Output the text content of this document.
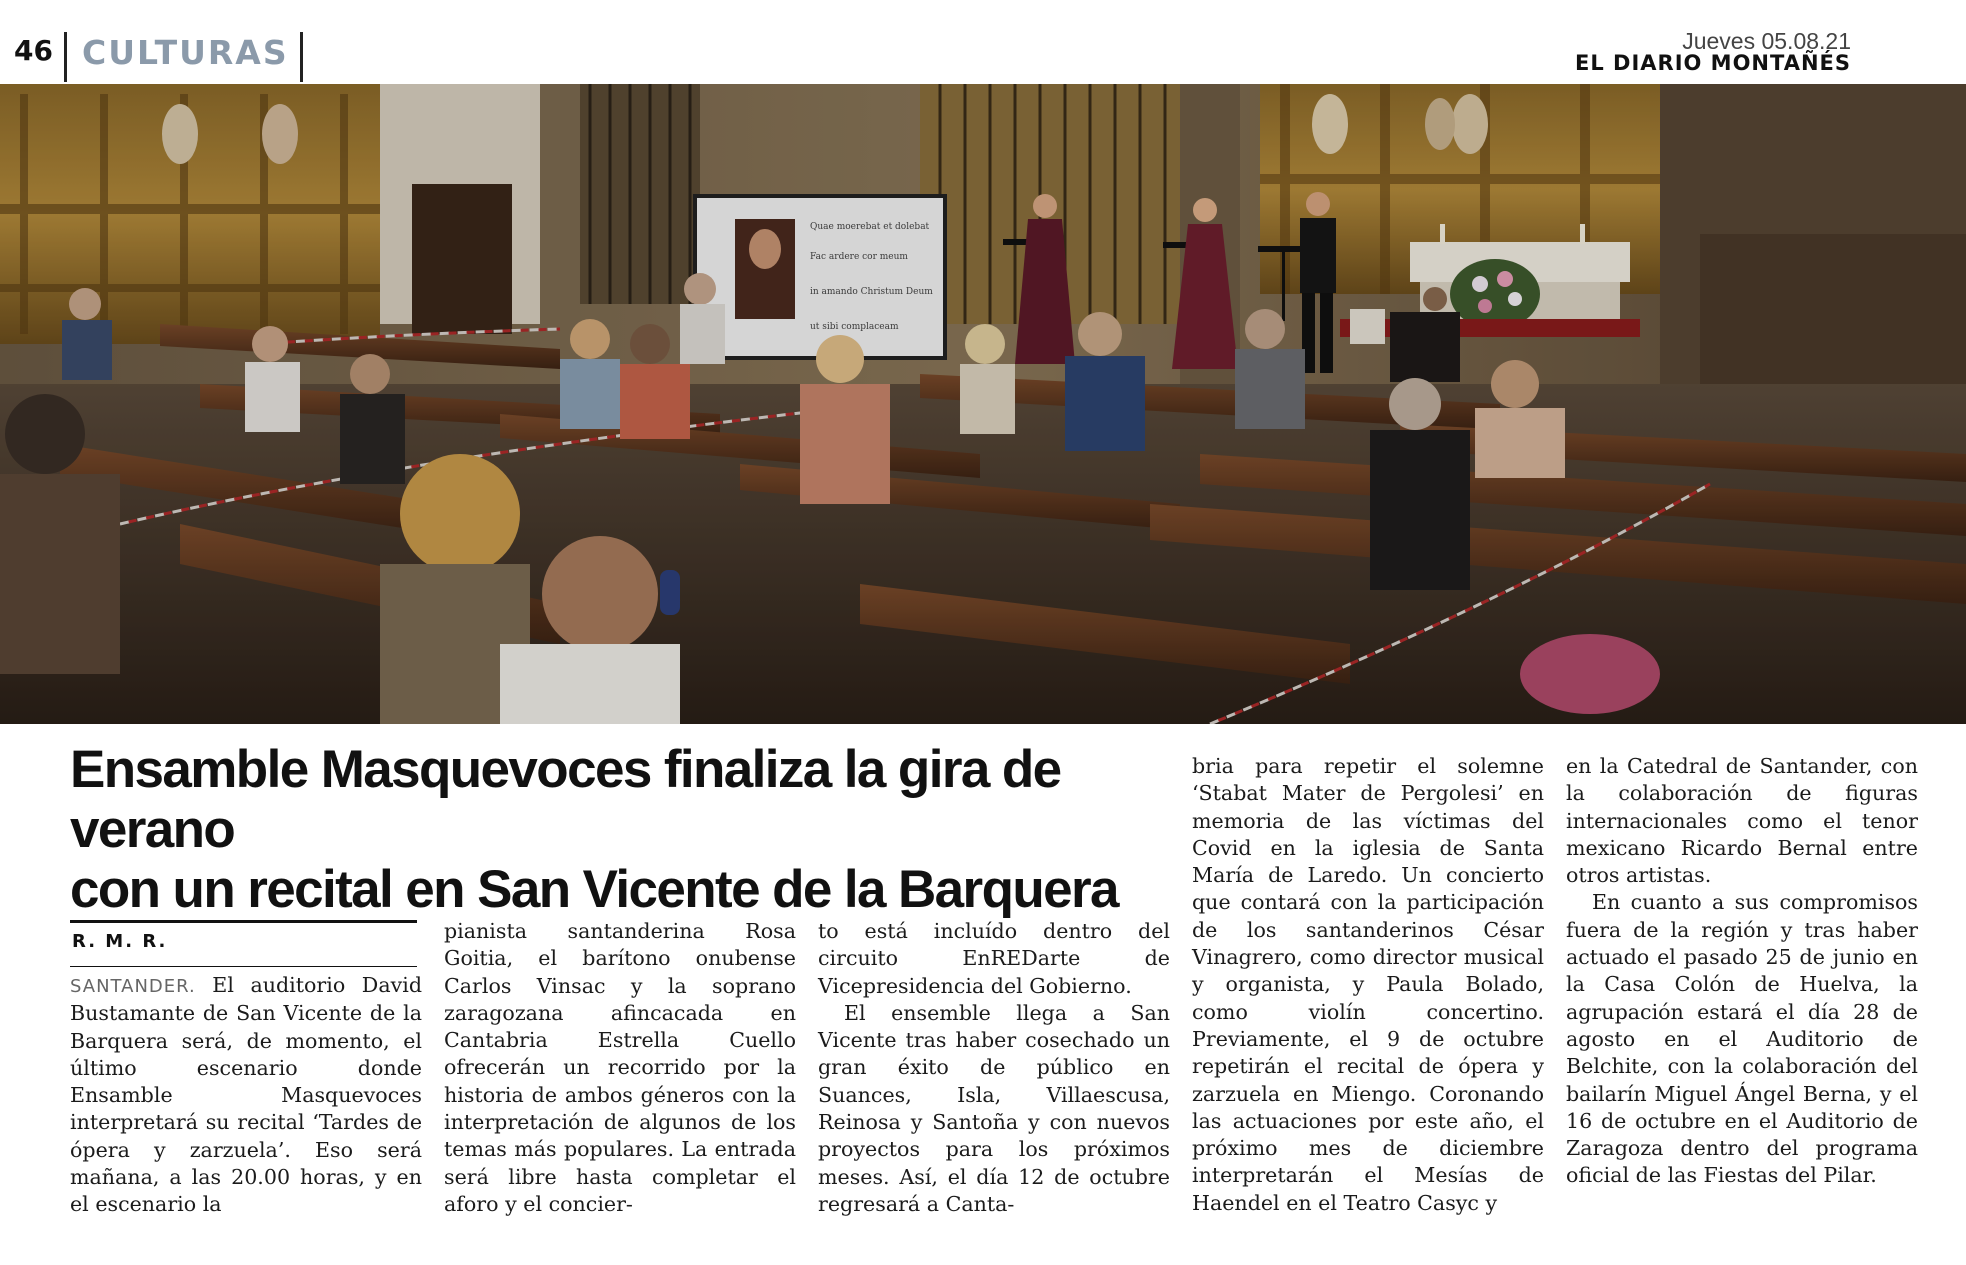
46 CULTURAS	Jueves 05.08.21
EL DIARIO MONTAÑÉS
Quae moerebat et dolebat
Fac ardere cor meum
in amando Christum Deum
ut sibi complaceam
Ensamble Masquevoces finaliza la gira de verano
con un recital en San Vicente de la Barquera
R. M. R.

SANTANDER. El auditorio David Bustamante de San Vicente de la Barquera será, de momento, el último escenario donde Ensamble Masquevoces interpretará su recital ‘Tardes de ópera y zarzuela’. Eso será mañana, a las 20.00 horas, y en el escenario la

pianista santanderina Rosa Goitia, el barítono onubense Carlos Vinsac y la soprano zaragozana afincacada en Cantabria Estrella Cuello ofrecerán un recorrido por la historia de ambos géneros con la interpretación de algunos de los temas más populares. La entrada será libre hasta completar el aforo y el concier-

to está incluído dentro del circuito EnREDarte de Vicepresidencia del Gobierno.

El ensemble llega a San Vicente tras haber cosechado un gran éxito de público en Suances, Isla, Villaescusa, Reinosa y Santoña y con nuevos proyectos para los próximos meses. Así, el día 12 de octubre regresará a Canta-

bria para repetir el solemne ‘Stabat Mater de Pergolesi’ en memoria de las víctimas del Covid en la iglesia de Santa María de Laredo. Un concierto que contará con la participación de los santanderinos César Vinagrero, como director musical y organista, y Paula Bolado, como violín concertino. Previamente, el 9 de octubre repetirán el recital de ópera y zarzuela en Miengo. Coronando las actuaciones por este año, el próximo mes de diciembre interpretarán el Mesías de Haendel en el Teatro Casyc y

en la Catedral de Santander, con la colaboración de figuras internacionales como el tenor mexicano Ricardo Bernal entre otros artistas.

En cuanto a sus compromisos fuera de la región y tras haber actuado el pasado 25 de junio en la Casa Colón de Huelva, la agrupación estará el día 28 de agosto en el Auditorio de Belchite, con la colaboración del bailarín Miguel Ángel Berna, y el 16 de octubre en el Auditorio de Zaragoza dentro del programa oficial de las Fiestas del Pilar.
